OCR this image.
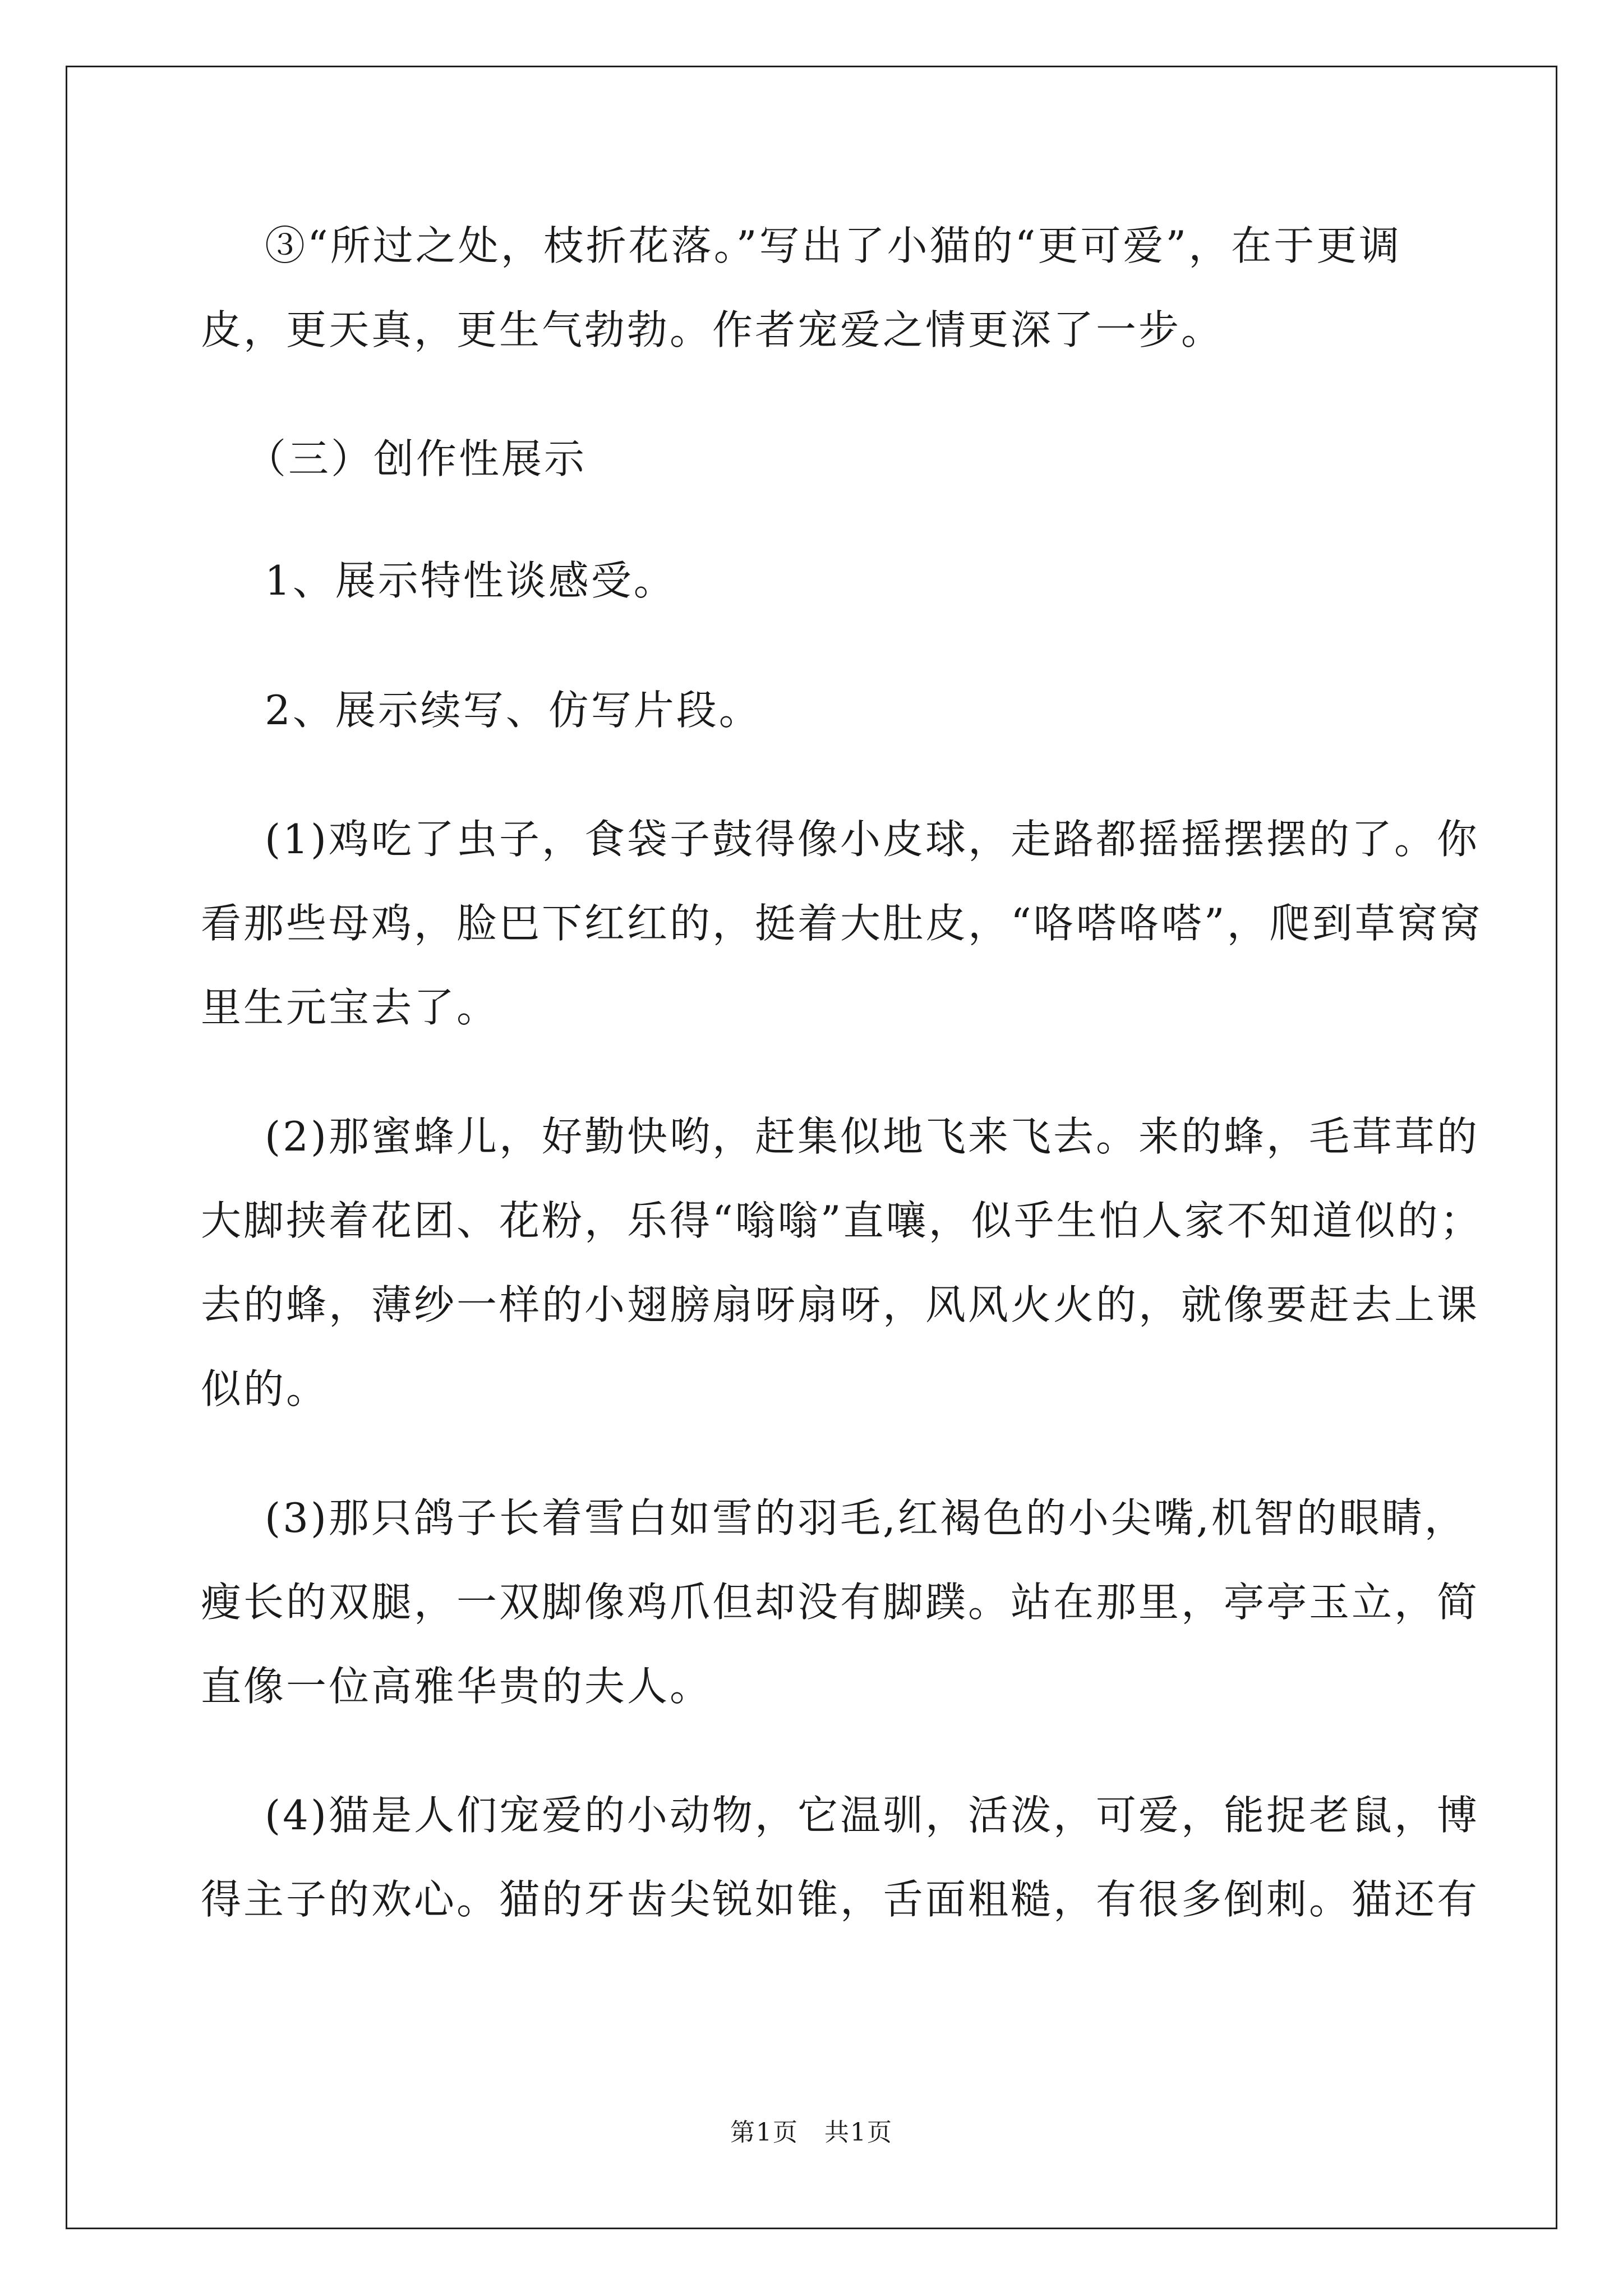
③“所过之处，枝折花落。”写出了小猫的“更可爱”，在于更调
皮，更天真，更生气勃勃。作者宠爱之情更深了一步。
（三）创作性展示
1、展示特性谈感受。
2、展示续写、仿写片段。
(1)鸡吃了虫子，食袋子鼓得像小皮球，走路都摇摇摆摆的了。你
看那些母鸡，脸巴下红红的，挺着大肚皮，“咯嗒咯嗒”，爬到草窝窝
里生元宝去了。
(2)那蜜蜂儿，好勤快哟，赶集似地飞来飞去。来的蜂，毛茸茸的
大脚挟着花团、花粉，乐得“嗡嗡”直嚷，似乎生怕人家不知道似的；
去的蜂，薄纱一样的小翅膀扇呀扇呀，风风火火的，就像要赶去上课
似的。
(3)那只鸽子长着雪白如雪的羽毛,红褐色的小尖嘴,机智的眼睛，
瘦长的双腿，一双脚像鸡爪但却没有脚蹼。站在那里，亭亭玉立，简
直像一位高雅华贵的夫人。
(4)猫是人们宠爱的小动物，它温驯，活泼，可爱，能捉老鼠，博
得主子的欢心。猫的牙齿尖锐如锥，舌面粗糙，有很多倒刺。猫还有
第1页　共1页
